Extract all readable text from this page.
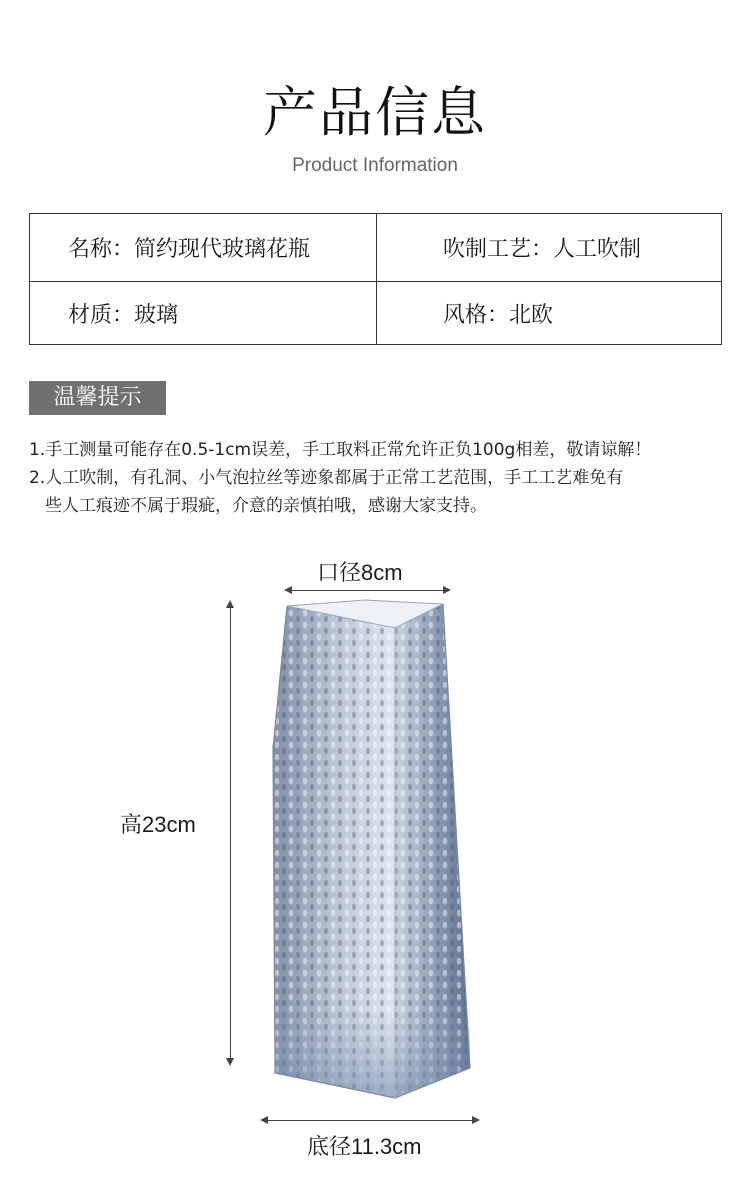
产品信息
Product Information
名称：简约现代玻璃花瓶	吹制工艺：人工吹制
材质：玻璃	风格：北欧
温馨提示
1.手工测量可能存在0.5-1cm误差，手工取料正常允许正负100g相差，敬请谅解！
2.人工吹制，有孔洞、小气泡拉丝等迹象都属于正常工艺范围，手工工艺难免有
些人工痕迹不属于瑕疵，介意的亲慎拍哦，感谢大家支持。
口径8cm
高23cm
底径11.3cm
